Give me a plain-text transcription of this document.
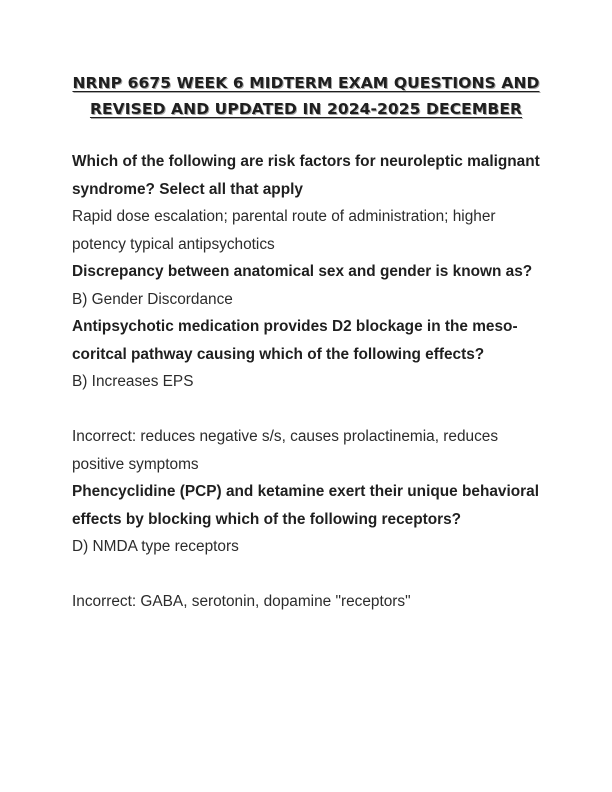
NRNP 6675 WEEK 6 MIDTERM EXAM QUESTIONS AND
REVISED AND UPDATED IN 2024-2025 DECEMBER

Which of the following are risk factors for neuroleptic malignant syndrome? Select all that apply

Rapid dose escalation; parental route of administration; higher potency typical antipsychotics

Discrepancy between anatomical sex and gender is known as?

B) Gender Discordance

Antipsychotic medication provides D2 blockage in the meso-coritcal pathway causing which of the following effects?

B) Increases EPS

Incorrect: reduces negative s/s, causes prolactinemia, reduces positive symptoms

Phencyclidine (PCP) and ketamine exert their unique behavioral effects by blocking which of the following receptors?

D) NMDA type receptors

Incorrect: GABA, serotonin, dopamine "receptors"
